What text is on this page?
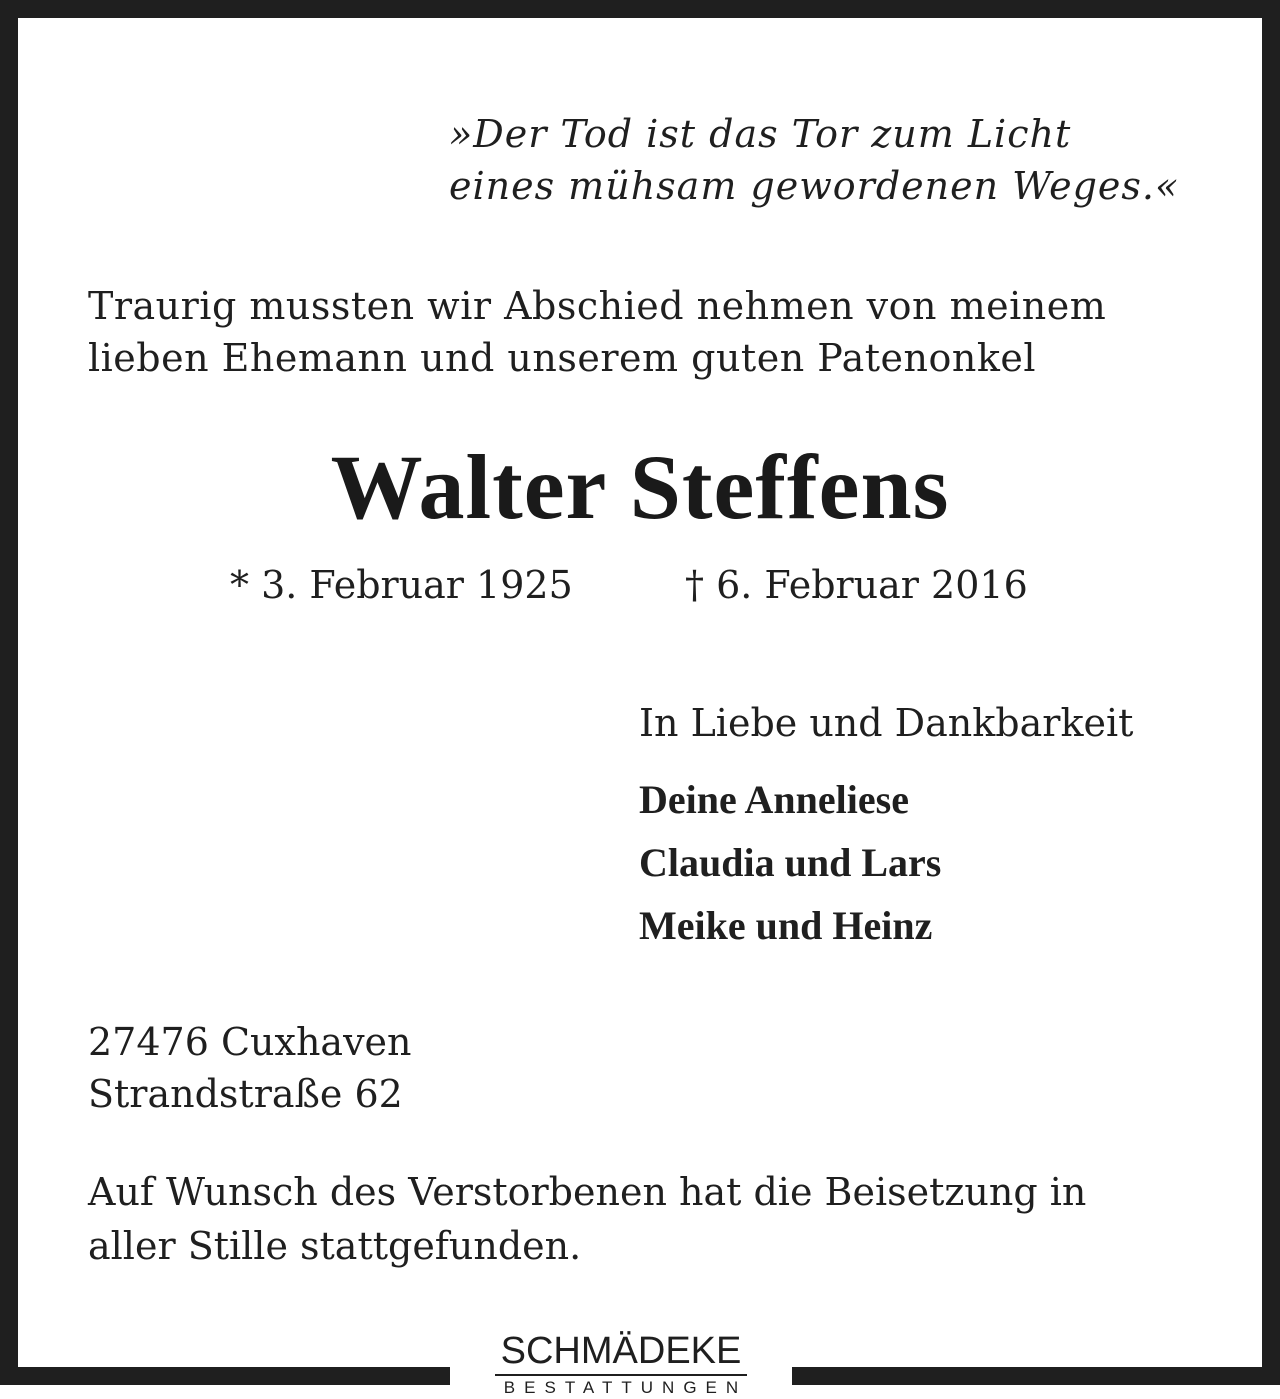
»Der Tod ist das Tor zum Licht
eines mühsam gewordenen Weges.«
Traurig mussten wir Abschied nehmen von meinem
lieben Ehemann und unserem guten Patenonkel
Walter Steffens
* 3. Februar 1925	† 6. Februar 2016
In Liebe und Dankbarkeit
Deine Anneliese
Claudia und Lars
Meike und Heinz
27476 Cuxhaven
Strandstraße 62
Auf Wunsch des Verstorbenen hat die Beisetzung in
aller Stille stattgefunden.
SCHMÄDEKE
BESTATTUNGEN
